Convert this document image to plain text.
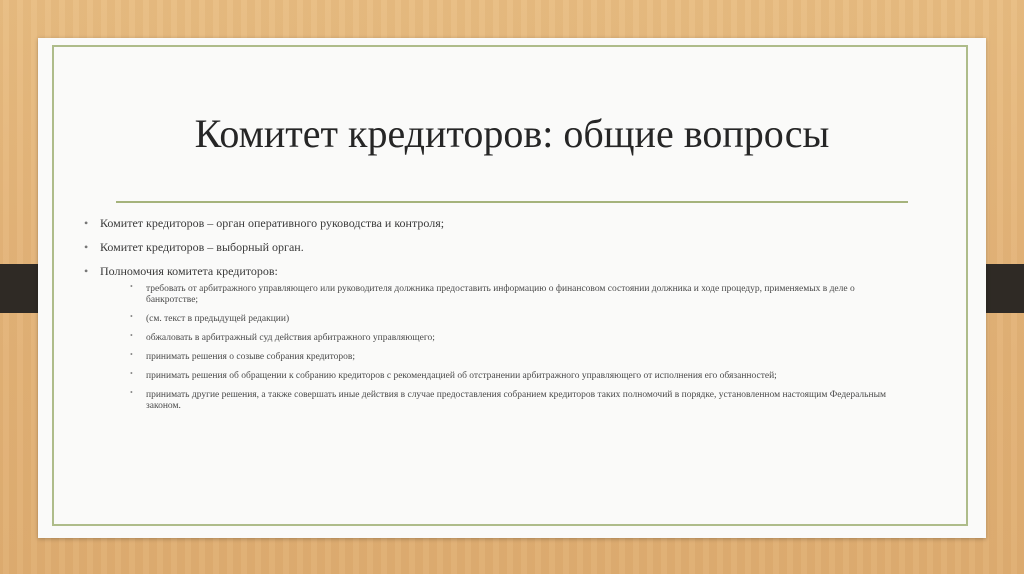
Комитет кредиторов: общие вопросы
• Комитет кредиторов – орган оперативного руководства и контроля;
• Комитет кредиторов – выборный орган.
• Полномочия комитета кредиторов:
• требовать от арбитражного управляющего или руководителя должника предоставить информацию о финансовом состоянии должника и ходе процедур, применяемых в деле о банкротстве;
• (см. текст в предыдущей редакции)
• обжаловать в арбитражный суд действия арбитражного управляющего;
• принимать решения о созыве собрания кредиторов;
• принимать решения об обращении к собранию кредиторов с рекомендацией об отстранении арбитражного управляющего от исполнения его обязанностей;
• принимать другие решения, а также совершать иные действия в случае предоставления собранием кредиторов таких полномочий в порядке, установленном настоящим Федеральным законом.
